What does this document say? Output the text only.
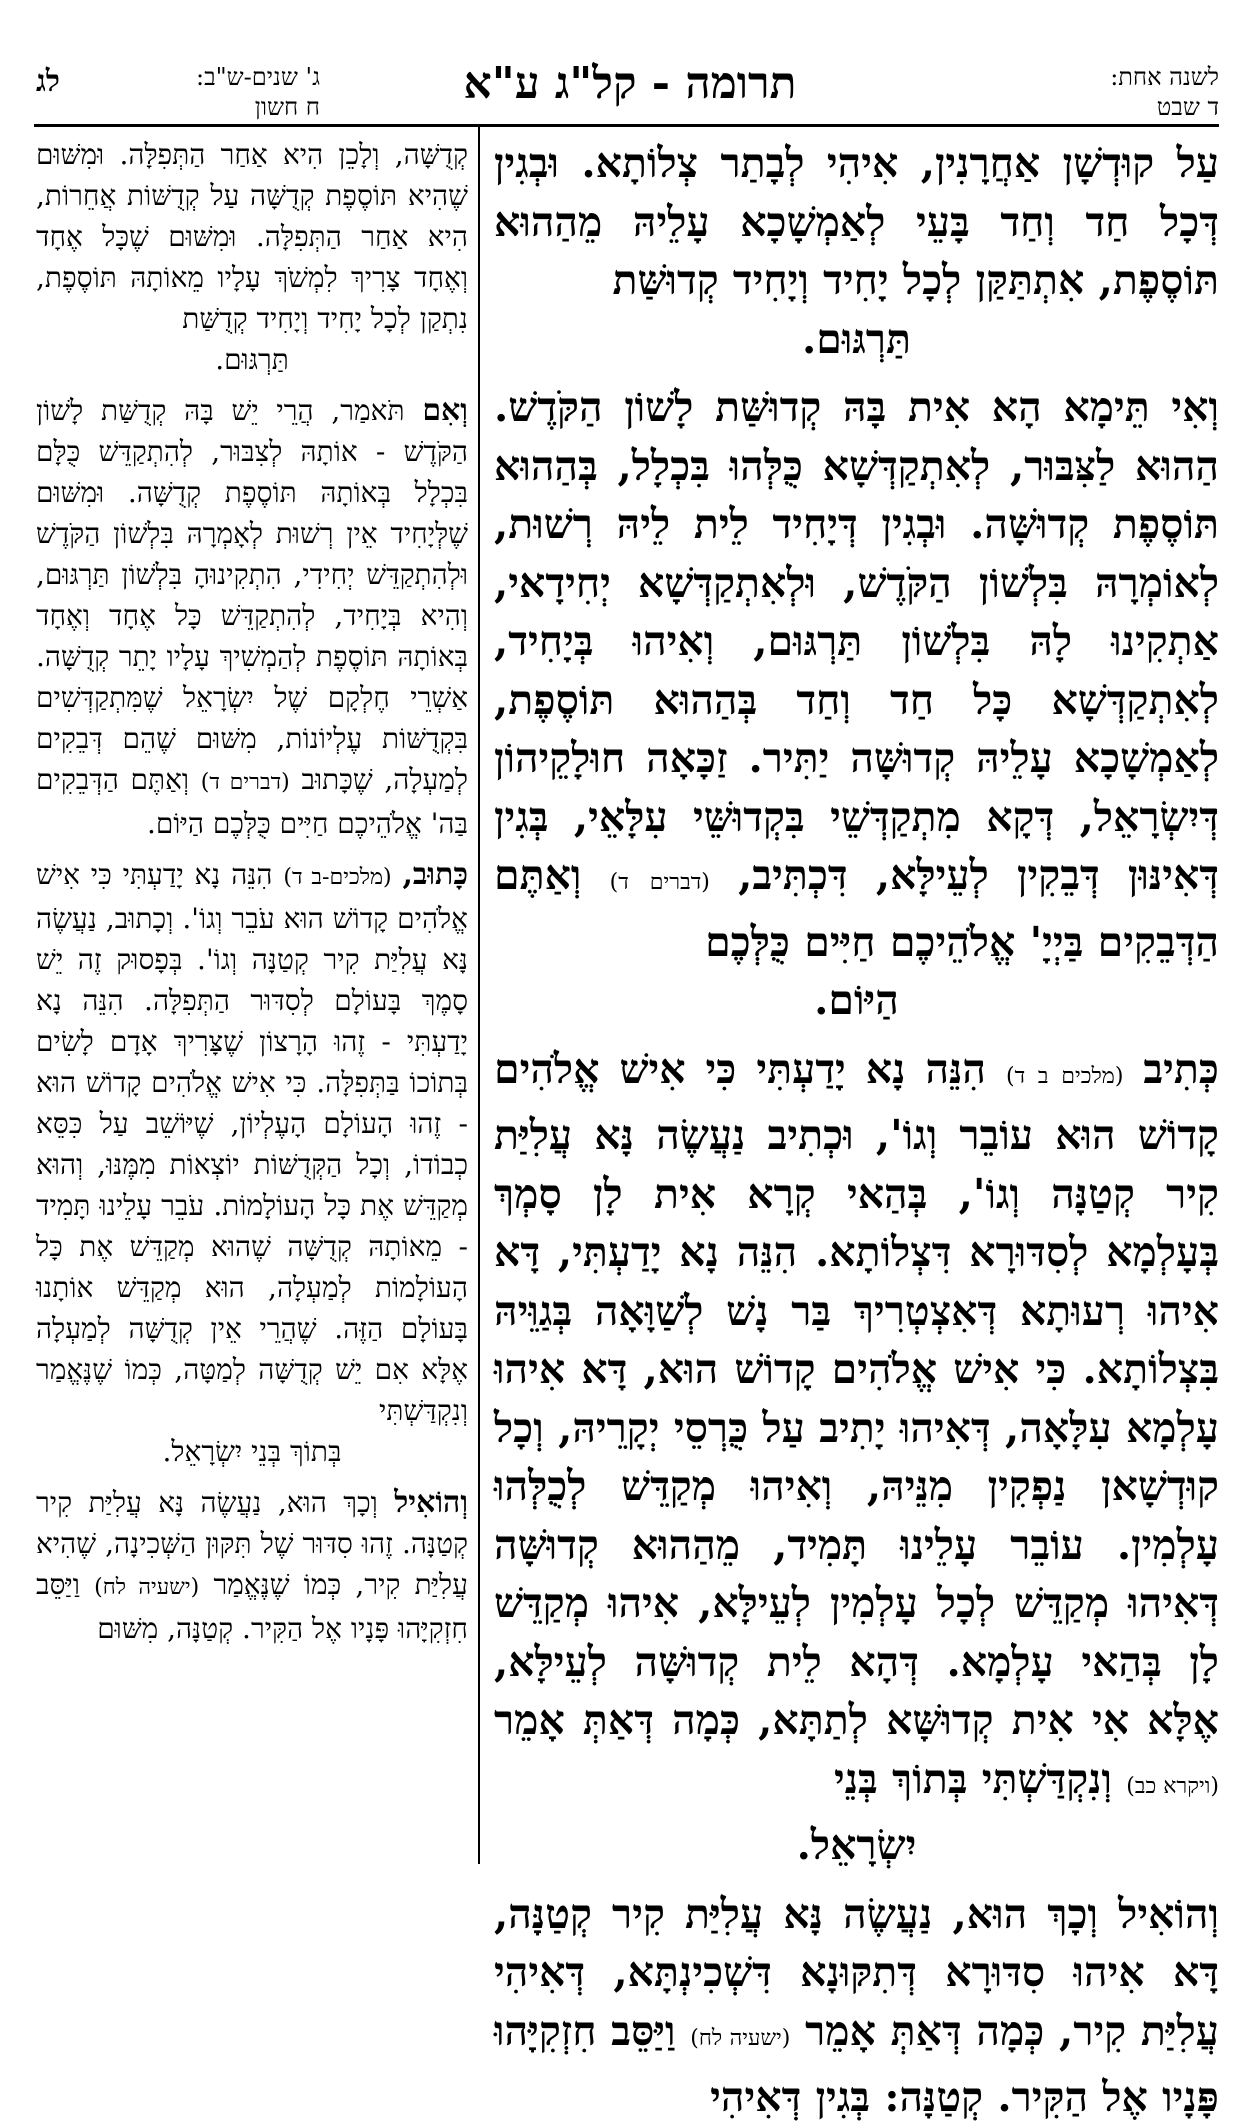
לשנה אחת:
ד שבט
תרומה - קל"ג ע"א
ג' שנים-ש"ב:
ח חשון
לג

עַל קוּדְשָׁן אַחֲרָנִין, אִיהִי לְבָתַר צְלוֹתָא. וּבְגִין דְּכָל חַד וְחַד בָּעֵי לְאַמְשָׁכָא עָלֵיהּ מֵהַהוּא תּוֹסֶפֶת, אִתְתַּקַּן לְכָל יָחִיד וְיָחִיד קְדוּשַּׁת
תַּרְגּוּם.

וְאִי תֵּימָא הָא אִית בָּהּ קְדוּשַּׁת לָשׁוֹן הַקֹּדֶשׁ. הַהוּא לַצִּבּוּר, לְאִתְקַדְּשָׁא כֻּלְּהוּ בִּכְלָל, בְּהַהוּא תּוֹסֶפֶת קְדוּשָּׁה. וּבְגִין דְּיָחִיד לֵית לֵיהּ רְשׁוּת, לְאוֹמְרָהּ בִּלְשׁוֹן הַקֹּדֶשׁ, וּלְאִתְקַדְּשָׁא יְחִידָאי, אַתְקִינוּ לָהּ בִּלְשׁוֹן תַּרְגּוּם, וְאִיהוּ בְּיָחִיד, לְאִתְקַדְּשָׁא כָּל חַד וְחַד בְּהַהוּא תּוֹסֶפֶת, לְאַמְשָׁכָא עָלֵיהּ קְדוּשָּׁה יַתִּיר. זַכָּאָה חוּלָקֵיהוֹן דְּיִשְׂרָאֵל, דְּקָא מִתְקַדְּשֵׁי בִּקְדוּשֵּׁי עִלָּאֵי, בְּגִין דְּאִינּוּן דְּבֵקִין לְעֵילָּא, דִּכְתִּיב, (דברים ד) וְאַתֶּם הַדְּבֵקִים בַּיְיָ' אֱלֹהֵיכֶם חַיִּים כֻּלְּכֶם
הַיּוֹם.

כְּתִיב (מלכים ב ד) הִנֵּה נָא יָדַעְתִּי כִּי אִישׁ אֱלֹהִים קָדוֹשׁ הוּא עוֹבֵר וְגוֹ', וּכְתִיב נַעֲשֶׂה נָּא עֲלִיַּת קִיר קְטַנָּה וְגוֹ', בְּהַאי קְרָא אִית לָן סָמְךְ בְּעָלְמָא לְסִדּוּרָא דִּצְלוֹתָא. הִנֵּה נָא יָדַעְתִּי, דָּא אִיהוּ רְעוּתָא דְּאִצְטְרִיךְ בַּר נָשׁ לְשַׁוָּאָה בְּגַוֵּיהּ בִּצְלוֹתָא. כִּי אִישׁ אֱלֹהִים קָדוֹשׁ הוּא, דָּא אִיהוּ עָלְמָא עִלָּאָה, דְּאִיהוּ יָתִיב עַל כֻּרְסֵי יְקָרֵיהּ, וְכָל קוּדְשָׁאן נַפְקִין מִנֵּיהּ, וְאִיהוּ מְקַדֵּשׁ לְכֻלְּהוּ עָלְמִין. עוֹבֵר עָלֵינוּ תָּמִיד, מֵהַהוּא קְדוּשָּׁה דְּאִיהוּ מְקַדֵּשׁ לְכָל עָלְמִין לְעֵילָּא, אִיהוּ מְקַדֵּשׁ לָן בְּהַאי עָלְמָא. דְּהָא לֵית קְדוּשָּׁה לְעֵילָּא, אֶלָּא אִי אִית קְדוּשָּׁא לְתַתָּא, כְּמָה דְּאַתְּ אָמֵר (ויקרא כב) וְנִקְדַּשְׁתִּי בְּתוֹךְ בְּנֵי
יִשְׂרָאֵל.

וְהוֹאִיל וְכָךְ הוּא, נַעֲשֶׂה נָּא עֲלִיַּת קִיר קְטַנָּה, דָּא אִיהוּ סִדּוּרָא דְּתִקּוּנָא דִּשְׁכִינְתָּא, דְּאִיהִי עֲלִיַּת קִיר, כְּמָה דְּאַתְּ אָמֵר (ישעיה לח) וַיַּסֵּב חִזְקִיָּהוּ פָּנָיו אֶל הַקִּיר. קְטַנָּה: בְּגִין דְּאִיהִי

קְדֻשָּׁה, וְלָכֵן הִיא אַחַר הַתְּפִלָּה. וּמִשּׁוּם שֶׁהִיא תּוֹסֶפֶת קְדֻשָּׁה עַל קְדֻשּׁוֹת אֲחֵרוֹת, הִיא אַחַר הַתְּפִלָּה. וּמִשּׁוּם שֶׁכָּל אֶחָד וְאֶחָד צָרִיךְ לִמְשֹׁךְ עָלָיו מֵאוֹתָהּ תּוֹסֶפֶת, נִתְקַן לְכָל יָחִיד וְיָחִיד קְדֻשַּׁת
תַּרְגּוּם.

וְאִם תֹּאמַר, הֲרֵי יֵשׁ בָּהּ קְדֻשַּׁת לָשׁוֹן הַקֹּדֶשׁ - אוֹתָהּ לְצִבּוּר, לְהִתְקַדֵּשׁ כֻּלָּם בִּכְלָל בְּאוֹתָהּ תּוֹסֶפֶת קְדֻשָּׁה. וּמִשּׁוּם שֶׁלְּיָחִיד אֵין רְשׁוּת לְאָמְרָהּ בִּלְשׁוֹן הַקֹּדֶשׁ וּלְהִתְקַדֵּשׁ יְחִידִי, הִתְקִינוּהָ בִּלְשׁוֹן תַּרְגּוּם, וְהִיא בְּיָחִיד, לְהִתְקַדֵּשׁ כָּל אֶחָד וְאֶחָד בְּאוֹתָהּ תּוֹסֶפֶת לְהַמְשִׁיךְ עָלָיו יָתֵר קְדֻשָּׁה. אַשְׁרֵי חֶלְקָם שֶׁל יִשְׂרָאֵל שֶׁמִּתְקַדְּשִׁים בִּקְדֻשּׁוֹת עֶלְיוֹנוֹת, מִשּׁוּם שֶׁהֵם דְּבֵקִים לְמַעְלָה, שֶׁכָּתוּב (דברים ד) וְאַתֶּם הַדְּבֵקִים בַּה' אֱלֹהֵיכֶם חַיִּים כֻּלְּכֶם הַיּוֹם.

כָּתוּב, (מלכים-ב ד) הִנֵּה נָא יָדַעְתִּי כִּי אִישׁ אֱלֹהִים קָדוֹשׁ הוּא עֹבֵר וְגוֹ'. וְכָתוּב, נַעֲשֶׂה נָּא עֲלִיַּת קִיר קְטַנָּה וְגוֹ'. בְּפָסוּק זֶה יֵשׁ סָמֶךְ בָּעוֹלָם לְסִדּוּר הַתְּפִלָּה. הִנֵּה נָא יָדַעְתִּי - זֶהוּ הָרָצוֹן שֶׁצָּרִיךְ אָדָם לָשִׂים בְּתוֹכוֹ בַּתְּפִלָּה. כִּי אִישׁ אֱלֹהִים קָדוֹשׁ הוּא - זֶהוּ הָעוֹלָם הָעֶלְיוֹן, שֶׁיּוֹשֵׁב עַל כִּסֵּא כְבוֹדוֹ, וְכָל הַקְּדֻשּׁוֹת יוֹצְאוֹת מִמֶּנּוּ, וְהוּא מְקַדֵּשׁ אֶת כָּל הָעוֹלָמוֹת. עֹבֵר עָלֵינוּ תָּמִיד - מֵאוֹתָהּ קְדֻשָּׁה שֶׁהוּא מְקַדֵּשׁ אֶת כָּל הָעוֹלָמוֹת לְמַעְלָה, הוּא מְקַדֵּשׁ אוֹתָנוּ בָּעוֹלָם הַזֶּה. שֶׁהֲרֵי אֵין קְדֻשָּׁה לְמַעְלָה אֶלָּא אִם יֵשׁ קְדֻשָּׁה לְמַטָּה, כְּמוֹ שֶׁנֶּאֱמַר וְנִקְדַּשְׁתִּי
בְּתוֹךְ בְּנֵי יִשְׂרָאֵל.

וְהוֹאִיל וְכָךְ הוּא, נַעֲשֶׂה נָּא עֲלִיַּת קִיר קְטַנָּה. זֶהוּ סִדּוּר שֶׁל תִּקּוּן הַשְּׁכִינָה, שֶׁהִיא עֲלִיַּת קִיר, כְּמוֹ שֶׁנֶּאֱמַר (ישעיה לח) וַיַּסֵּב חִזְקִיָּהוּ פָּנָיו אֶל הַקִּיר. קְטַנָּה, מִשּׁוּם
